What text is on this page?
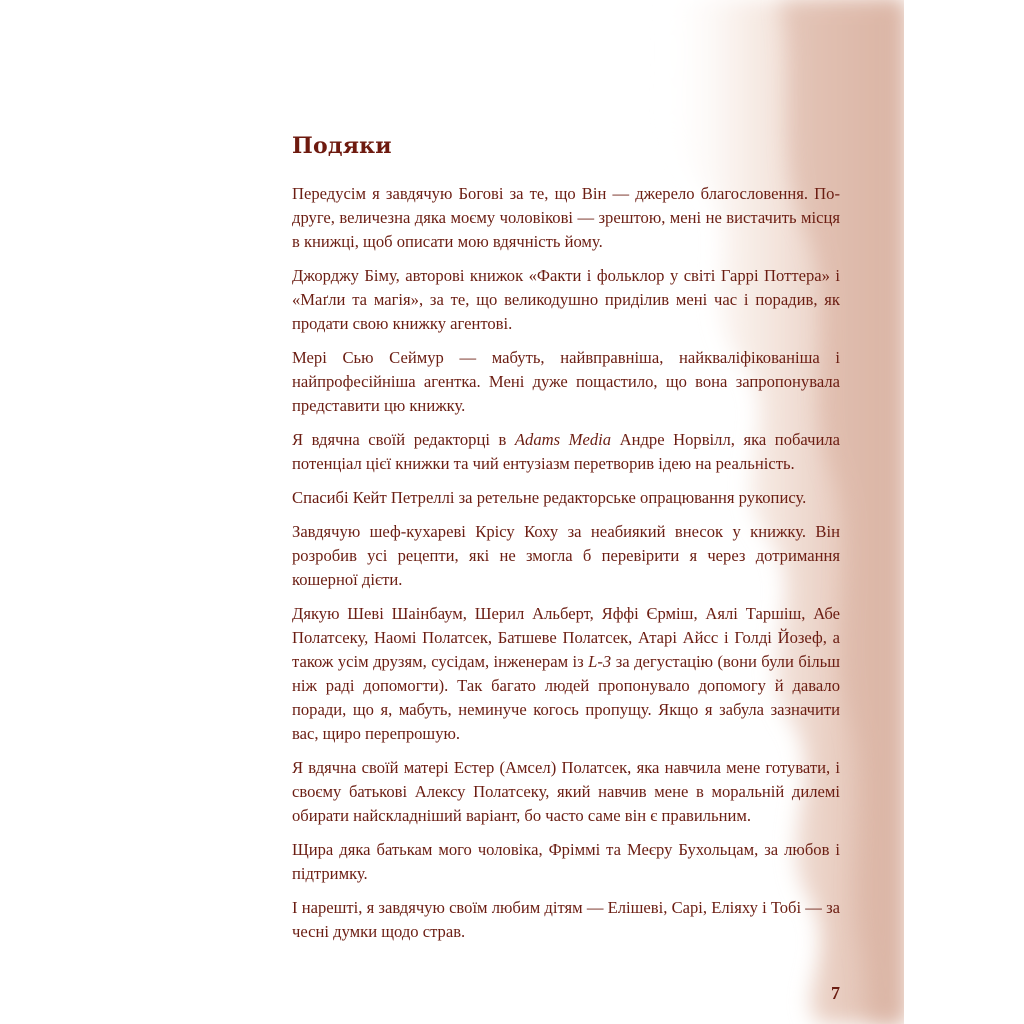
Подяки

Передусім я завдячую Богові за те, що Він — джерело благословення. По-друге, величезна дяка моєму чоловікові — зрештою, мені не вистачить місця в книжці, щоб описати мою вдячність йому.

Джорджу Біму, авторові книжок «Факти і фольклор у світі Гаррі Поттера» і «Маґли та магія», за те, що великодушно приділив мені час і порадив, як продати свою книжку агентові.

Мері Сью Сеймур — мабуть, найвправніша, найкваліфікованіша і найпрофесійніша агентка. Мені дуже пощастило, що вона запропонувала представити цю книжку.

Я вдячна своїй редакторці в Adams Media Андре Норвілл, яка побачила потенціал цієї книжки та чий ентузіазм перетворив ідею на реальність.

Спасибі Кейт Петреллі за ретельне редакторське опрацювання рукопису.

Завдячую шеф-кухареві Крісу Коху за неабиякий внесок у книжку. Він розробив усі рецепти, які не змогла б перевірити я через дотримання кошерної дієти.

Дякую Шеві Шаінбаум, Шерил Альберт, Яффі Єрміш, Аялі Таршіш, Абе Полатсеку, Наомі Полатсек, Батшеве Полатсек, Атарі Айсс і Голді Йозеф, а також усім друзям, сусідам, інженерам із L-3 за дегустацію (вони були більш ніж раді допомогти). Так багато людей пропонувало допомогу й давало поради, що я, мабуть, неминуче когось пропущу. Якщо я забула зазначити вас, щиро перепрошую.

Я вдячна своїй матері Естер (Амсел) Полатсек, яка навчила мене готувати, і своєму батькові Алексу Полатсеку, який навчив мене в моральній дилемі обирати найскладніший варіант, бо часто саме він є правильним.

Щира дяка батькам мого чоловіка, Фріммі та Меєру Бухольцам, за любов і підтримку.

І нарешті, я завдячую своїм любим дітям — Елішеві, Сарі, Еліяху і Тобі — за чесні думки щодо страв.

7
